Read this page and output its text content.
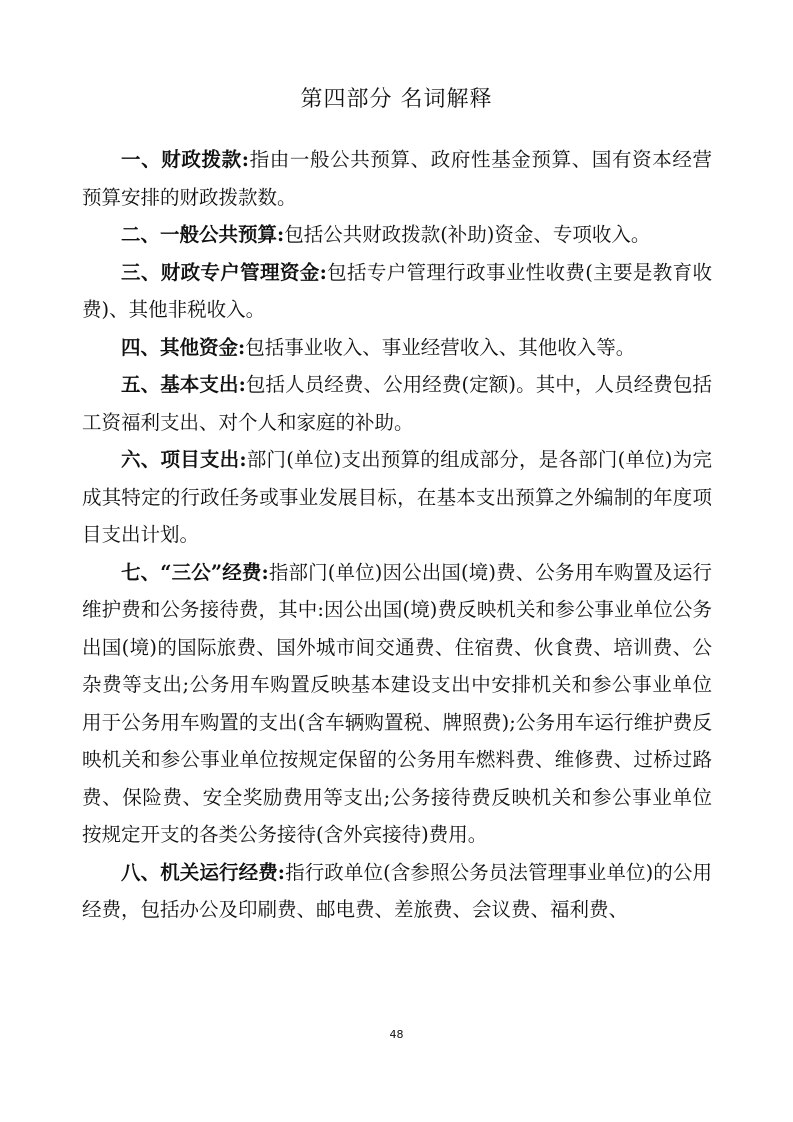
第四部分 名词解释

一、财政拨款:指由一般公共预算、政府性基金预算、国有资本经营预算安排的财政拨款数。

二、一般公共预算:包括公共财政拨款(补助)资金、专项收入。

三、财政专户管理资金:包括专户管理行政事业性收费(主要是教育收费)、其他非税收入。

四、其他资金:包括事业收入、事业经营收入、其他收入等。

五、基本支出:包括人员经费、公用经费(定额)。其中，人员经费包括工资福利支出、对个人和家庭的补助。

六、项目支出:部门(单位)支出预算的组成部分，是各部门(单位)为完成其特定的行政任务或事业发展目标，在基本支出预算之外编制的年度项目支出计划。

七、“三公”经费:指部门(单位)因公出国(境)费、公务用车购置及运行维护费和公务接待费，其中:因公出国(境)费反映机关和参公事业单位公务出国(境)的国际旅费、国外城市间交通费、住宿费、伙食费、培训费、公杂费等支出;公务用车购置反映基本建设支出中安排机关和参公事业单位用于公务用车购置的支出(含车辆购置税、牌照费);公务用车运行维护费反映机关和参公事业单位按规定保留的公务用车燃料费、维修费、过桥过路费、保险费、安全奖励费用等支出;公务接待费反映机关和参公事业单位按规定开支的各类公务接待(含外宾接待)费用。

八、机关运行经费:指行政单位(含参照公务员法管理事业单位)的公用经费，包括办公及印刷费、邮电费、差旅费、会议费、福利费、

48
